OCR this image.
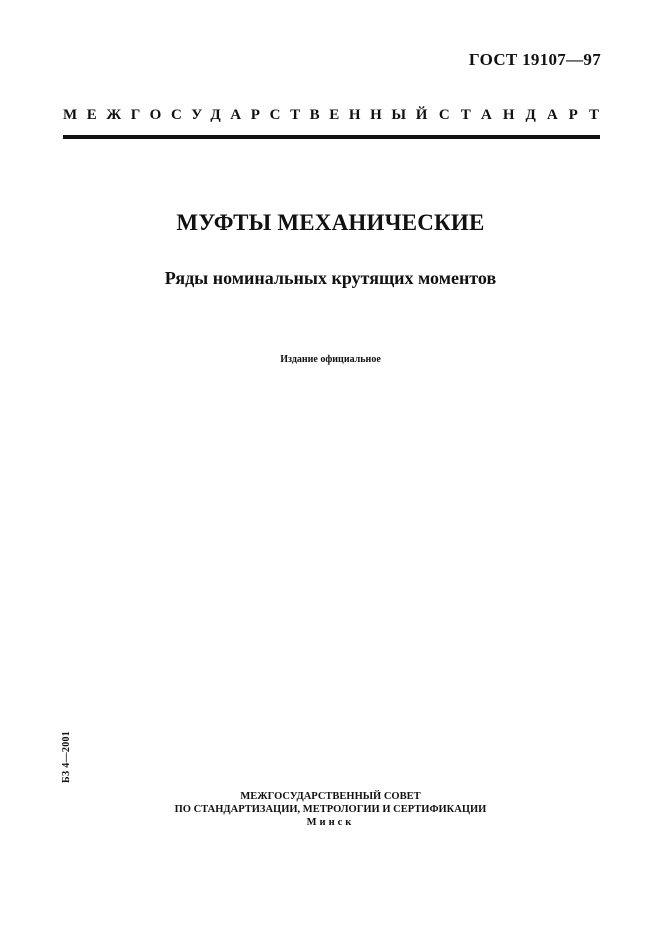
ГОСТ 19107—97
МЕЖГОСУДАРСТВЕННЫЙ СТАНДАРТ
МУФТЫ МЕХАНИЧЕСКИЕ
Ряды номинальных крутящих моментов
Издание официальное
БЗ 4—2001
МЕЖГОСУДАРСТВЕННЫЙ СОВЕТ
ПО СТАНДАРТИЗАЦИИ, МЕТРОЛОГИИ И СЕРТИФИКАЦИИ
Минск
